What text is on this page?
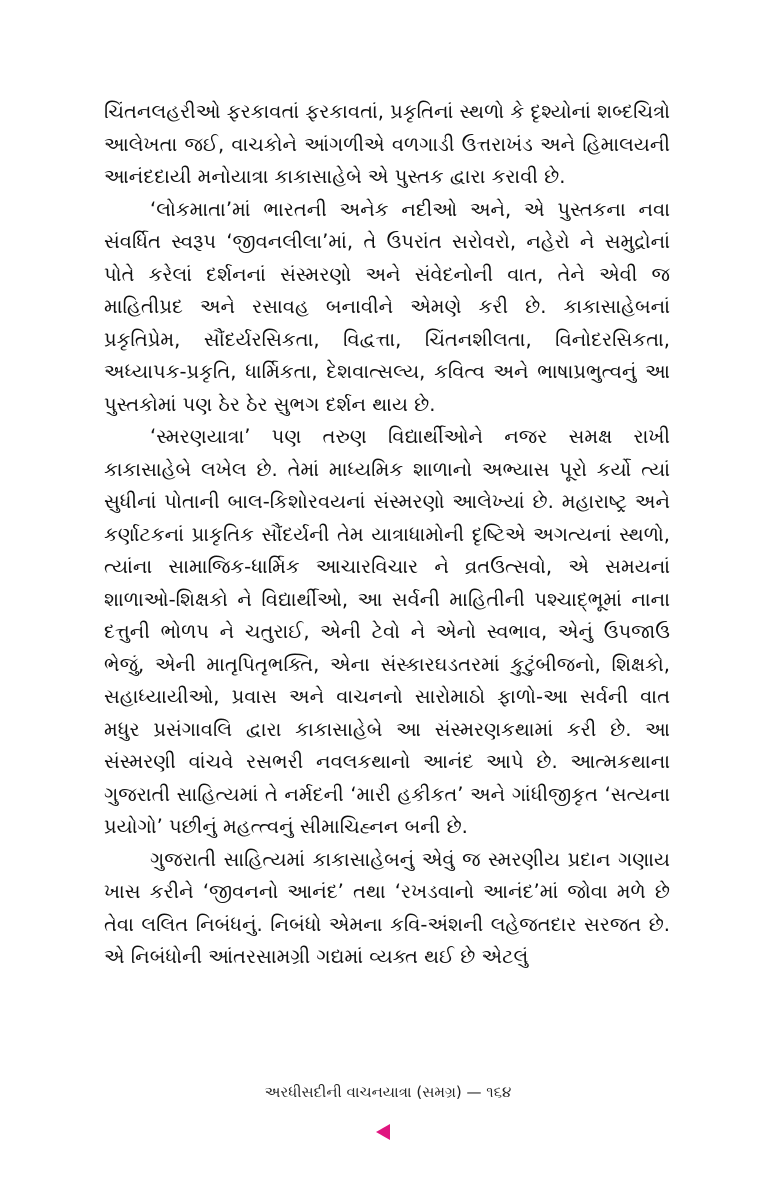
ચિંતનલહરીઓ ફરકાવતાં ફરકાવતાં, પ્રકૃતિનાં સ્થળો કે દૃશ્યોનાં શબ્દચિત્રો આલેખતા જઈ, વાચકોને આંગળીએ વળગાડી ઉત્તરાખંડ અને હિમાલયની આનંદદાયી મનોયાત્રા કાકાસાહેબે એ પુસ્તક દ્વારા કરાવી છે.

‘લોકમાતા’માં ભારતની અનેક નદીઓ અને, એ પુસ્તકના નવા સંવર્ધિત સ્વરૂપ ‘જીવનલીલા’માં, તે ઉપરાંત સરોવરો, નહેરો ને સમુદ્રોનાં પોતે કરેલાં દર્શનનાં સંસ્મરણો અને સંવેદનોની વાત, તેને એવી જ માહિતીપ્રદ અને રસાવહ બનાવીને એમણે કરી છે. કાકાસાહેબનાં પ્રકૃતિપ્રેમ, સૌંદર્યરસિકતા, વિદ્વત્તા, ચિંતનશીલતા, વિનોદરસિકતા, અધ્યાપક-પ્રકૃતિ, ધાર્મિકતા, દેશવાત્સલ્ય, કવિત્વ અને ભાષાપ્રભુત્વનું આ પુસ્તકોમાં પણ ઠેર ઠેર સુભગ દર્શન થાય છે.

‘સ્મરણયાત્રા’ પણ તરુણ વિદ્યાર્થીઓને નજર સમક્ષ રાખી કાકાસાહેબે લખેલ છે. તેમાં માધ્યમિક શાળાનો અભ્યાસ પૂરો કર્યો ત્યાં સુધીનાં પોતાની બાલ-કિશોરવયનાં સંસ્મરણો આલેખ્યાં છે. મહારાષ્ટ્ર અને કર્ણાટકનાં પ્રાકૃતિક સૌંદર્યની તેમ યાત્રાધામોની દૃષ્ટિએ અગત્યનાં સ્થળો, ત્યાંના સામાજિક-ધાર્મિક આચારવિચાર ને વ્રતઉત્સવો, એ સમયનાં શાળાઓ-શિક્ષકો ને વિદ્યાર્થીઓ, આ સર્વની માહિતીની પશ્ચાદ્ભૂમાં નાના દત્તુની ભોળપ ને ચતુરાઈ, એની ટેવો ને એનો સ્વભાવ, એનું ઉપજાઉ ભેજું, એની માતૃપિતૃભક્તિ, એના સંસ્કારઘડતરમાં કુટુંબીજનો, શિક્ષકો, સહાધ્યાયીઓ, પ્રવાસ અને વાચનનો સારોમાઠો ફાળો-આ સર્વની વાત મધુર પ્રસંગાવલિ દ્વારા કાકાસાહેબે આ સંસ્મરણકથામાં કરી છે. આ સંસ્મરણી વાંચવે રસભરી નવલકથાનો આનંદ આપે છે. આત્મકથાના ગુજરાતી સાહિત્યમાં તે નર્મદની ‘મારી હકીકત’ અને ગાંધીજીકૃત ‘સત્યના પ્રયોગો’ પછીનું મહત્ત્વનું સીમાચિહ્નન બની છે.

ગુજરાતી સાહિત્યમાં કાકાસાહેબનું એવું જ સ્મરણીય પ્રદાન ગણાય ખાસ કરીને ‘જીવનનો આનંદ’ તથા ‘રખડવાનો આનંદ’માં જોવા મળે છે તેવા લલિત નિબંધનું. નિબંધો એમના કવિ-અંશની લહેજતદાર સરજત છે. એ નિબંધોની આંતરસામગ્રી ગદ્યમાં વ્યક્ત થઈ છે એટલું

અરધીસદીની વાચનયાત્રા (સમગ્ર) — ૧૬૪
